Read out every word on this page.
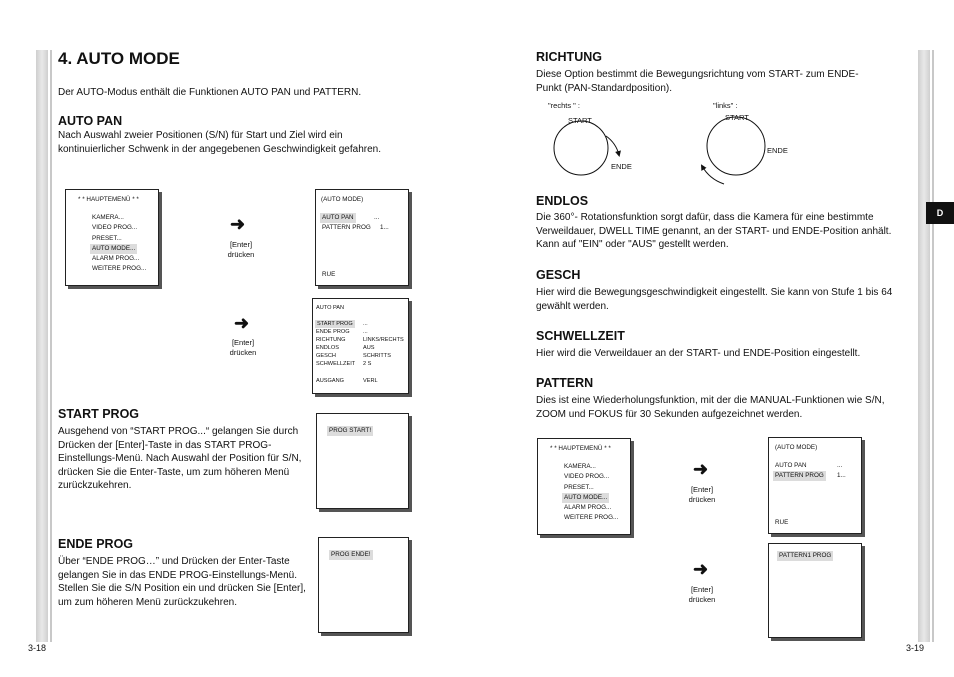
4. AUTO MODE

Der AUTO-Modus enthält die Funktionen AUTO PAN und PATTERN.

AUTO PAN

Nach Auswahl zweier Positionen (S/N) für Start und Ziel wird ein kontinuierlicher Schwenk in der angegebenen Geschwindigkeit gefahren.

* * HAUPTEMENÜ * *
KAMERA...
VIDEO PROG...
PRESET...
AUTO MODE...
ALARM PROG...
WEITERE PROG...
➜
[Enter]
drücken
(AUTO MODE)
AUTO PAN	...
PATTERN PROG 1...
RUE
➜
[Enter]
drücken
AUTO PAN
START PROG	...
ENDE PROG ...
RICHTUNG	LINKS/RECHTS
ENDLOS	AUS
GESCH	SCHRITTS
SCHWELLZEIT 2 S
AUSGANG	VERL
START PROG

Ausgehend von “START PROG...“ gelangen Sie durch Drücken der [Enter]-Taste in das START PROG-Einstellungs-Menü. Nach Auswahl der Position für S/N, drücken Sie die Enter-Taste, um zum höheren Menü zurückzukehren.

PROG START!
ENDE PROG

Über “ENDE PROG…” und Drücken der Enter-Taste gelangen Sie in das ENDE PROG-Einstellungs-Menü. Stellen Sie die S/N Position ein und drücken Sie [Enter], um zum höheren Menü zurückzukehren.

PROG ENDE!
3-18
RICHTUNG

Diese Option bestimmt die Bewegungsrichtung vom START- zum ENDE-Punkt (PAN-Standardposition).

"rechts " :	"links" :
START
ENDE
START
ENDE
ENDLOS

Die 360°- Rotationsfunktion sorgt dafür, dass die Kamera für eine bestimmte Verweildauer, DWELL TIME genannt, an der START- und ENDE-Position anhält. Kann auf "EIN" oder "AUS" gestellt werden.

GESCH

Hier wird die Bewegungsgeschwindigkeit eingestellt. Sie kann von Stufe 1 bis 64 gewählt werden.

SCHWELLZEIT

Hier wird die Verweildauer an der START- und ENDE-Position eingestellt.

PATTERN

Dies ist eine Wiederholungsfunktion, mit der die MANUAL-Funktionen wie S/N, ZOOM und FOKUS für 30 Sekunden aufgezeichnet werden.

* * HAUPTEMENÜ * *
KAMERA...
VIDEO PROG...
PRESET...
AUTO MODE...
ALARM PROG...
WEITERE PROG...
➜
[Enter]
drücken
(AUTO MODE)
AUTO PAN	...
PATTERN PROG	1...
RUE
➜
[Enter]
drücken
PATTERN1 PROG
3-19
D
